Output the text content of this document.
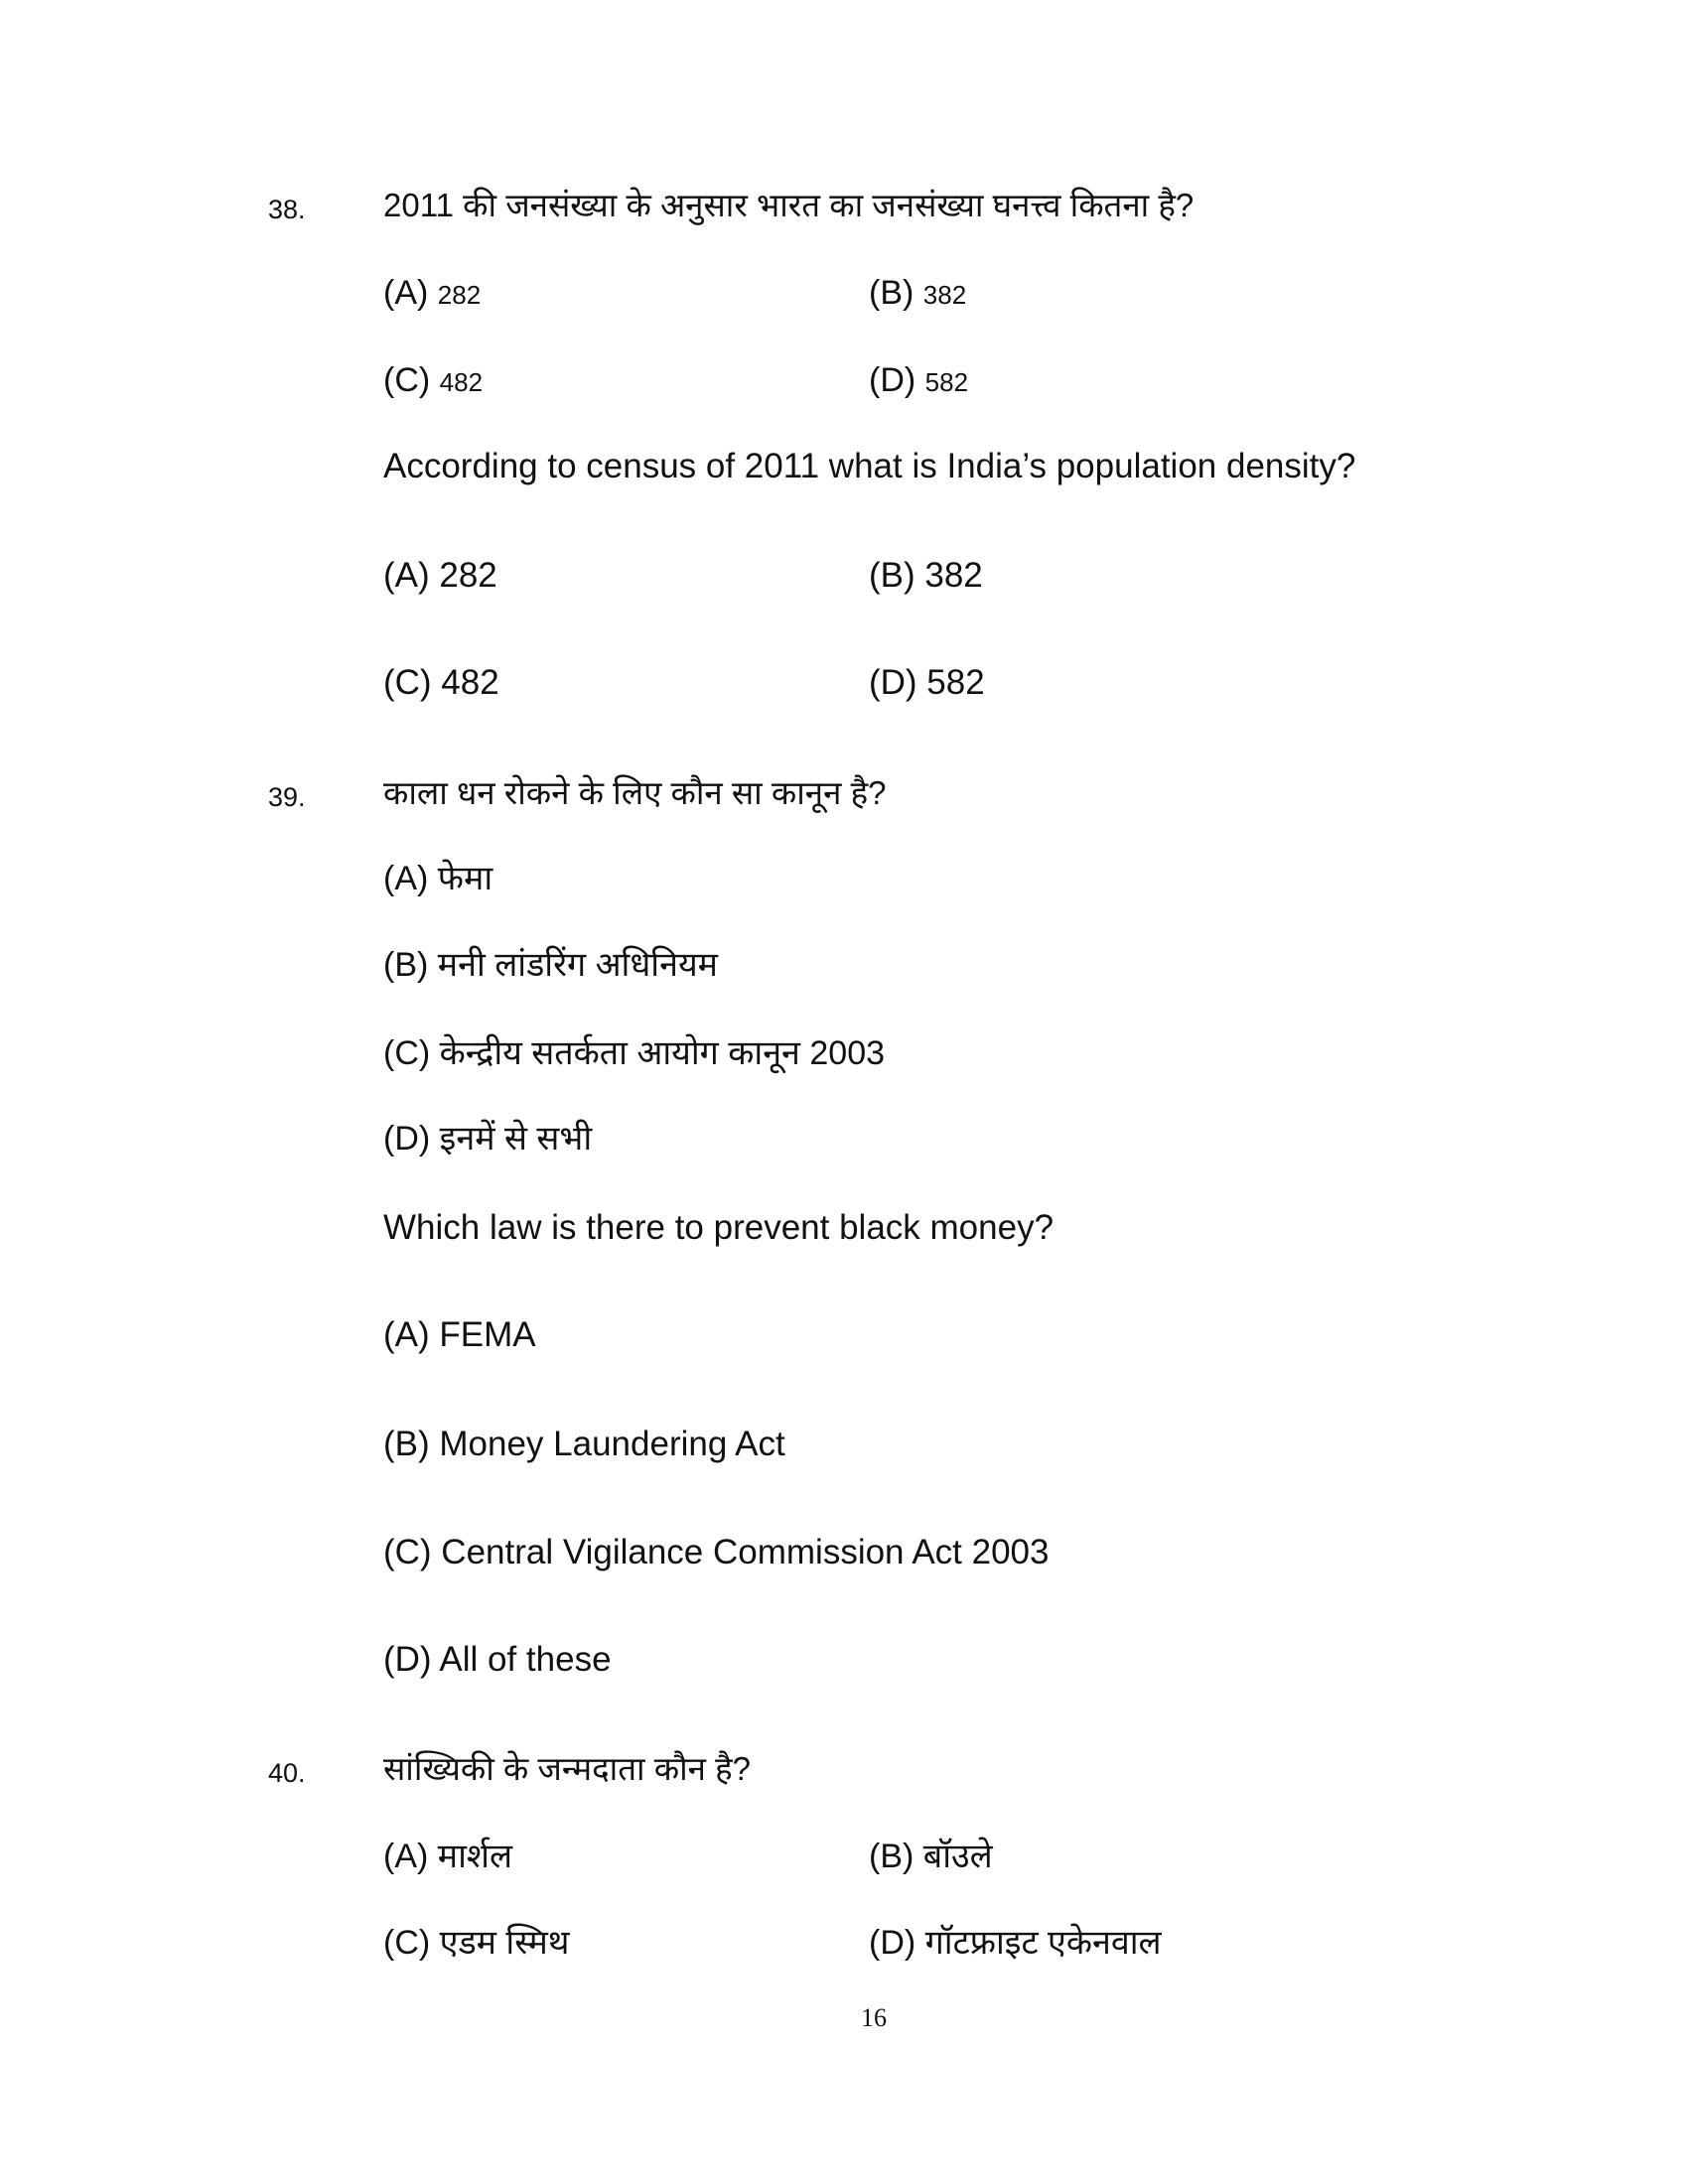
38. 2011 की जनसंख्या के अनुसार भारत का जनसंख्या घनत्त्व कितना है?
(A) 282	(B) 382
(C) 482	(D) 582
According to census of 2011 what is India’s population density?
(A) 282	(B) 382
(C) 482	(D) 582
39. काला धन रोकने के लिए कौन सा कानून है?
(A) फेमा
(B) मनी लांडरिंग अधिनियम
(C) केन्द्रीय सतर्कता आयोग कानून 2003
(D) इनमें से सभी
Which law is there to prevent black money?
(A) FEMA
(B) Money Laundering Act
(C) Central Vigilance Commission Act 2003
(D) All of these
40. सांख्यिकी के जन्मदाता कौन है?
(A) मार्शल	(B) बॉउले
(C) एडम स्मिथ	(D) गॉटफ्राइट एकेनवाल
16
